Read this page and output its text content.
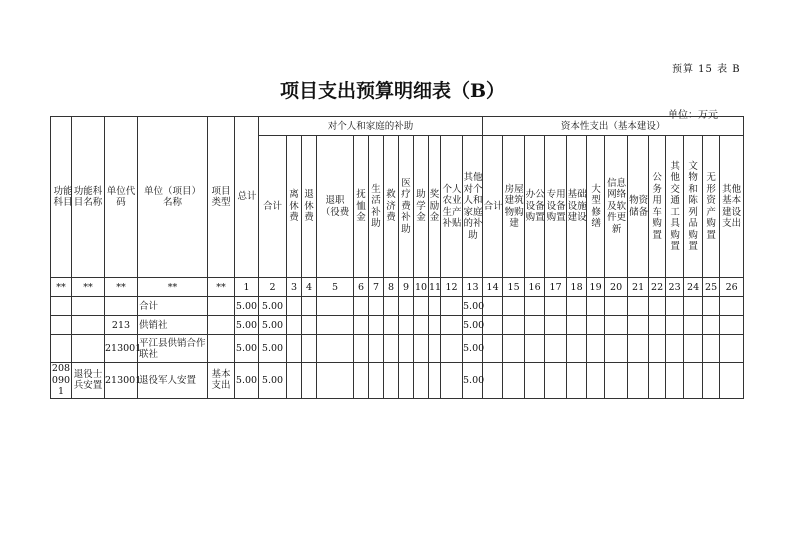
预算 15 表 B
项目支出预算明细表（B）
单位：万元
功能科目	功能科目名称	单位代码	单位（项目）名称	项目类型	总计	对个人和家庭的补助												资本性支出（基本建设）												

						合计	离休费	退休费	退职（役费	抚恤金	生活补助	救济费	医疗费补助	助学金	奖励金	个人农业生产补贴	其他对个人和家庭的补助	合计	房屋建筑物购建	办公设备购置	专用设备购置	基础设施建设	大型修缮	信息网络及软件更新	物资储备	公务用车购置	其他交通工具购置	文物和陈列品购置	无形资产购置	其他基本建设支出

**	**	**	**	**	1	2	3	4	5	6	7	8	9	10	11	12	13	14	15	16	17	18	19	20	21	22	23	24	25	26
			合计		5.00	5.00											5.00													
		213	供销社		5.00	5.00											5.00													
		213001	平江县供销合作联社		5.00	5.00											5.00													

2080901	退役士兵安置	213001	退役军人安置	基本支出	5.00	5.00											5.00													
